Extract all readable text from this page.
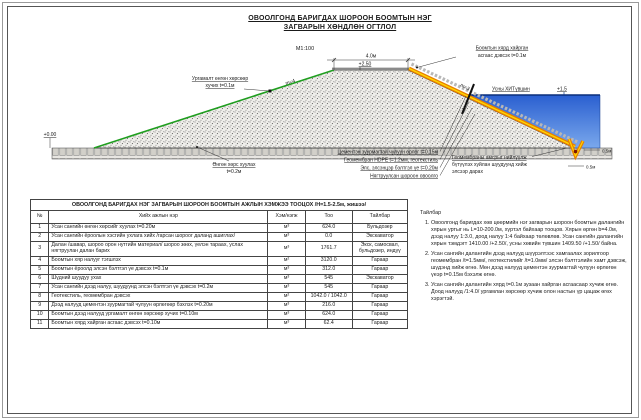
ОВООЛГОНД БАРИГДАХ ШОРООН БООМТЫН НЭГ
ЗАГВАРЫН ХӨНДЛӨН ОГТЛОЛ
М1:100
4.0м
+2.50
+0.00
Усны ХИТүвшин	+1.5
Ургамалт өнгөн хөрсөөр
хучих t=0.1м	m=4	m=3
Боомтын хярд хайрган
асгаас дэвсэх t=0.1м
Өнгөн хөрс хуулах
t=0.2м
Цементэн зуурмагтай чулуун өрлөг t=0.15м
Геомембран HDPE t=1.2мм, геотекстиль
Элс, элсэнцэр бэлтгэл үе t=0.20м
Нягтруулсан шороон овоолго
Геомембраны амсрыг нийлүүлж
бүтүүлэх хуйлан шуудуунд хийж
элсээр дарах
0.5м
0.5м
ОВООЛГОНД БАРИГДАХ НЭГ ЗАГВАРЫН ШОРООН БООМТЫН АЖЛЫН ХЭМЖЭЭ ТООЦОХ /Н=1.5-2.5м, жишээ/				
№	Хийх ажлын нэр	Хэм/нэгж	Тоо	Тайлбар
1	Усан сангийн өнгөн хөрсийг хуулах t=0.20м	м³	624.0	Бульдозер
2	Усан сангийн ёроолын хэсгийн ухлага хийх /гарсан шороог даланд ашиглах/	м³	0.0	Экскаватор
3	Далан /шавар, шороо орон нутгийн материал/ шороо зөөх, үелэн тараах, услах нягтруулан далан барих	м³	1761.7	Экск, самосвал, бульдозер, индүү
4	Боомтын хяр налууг тэгшлэх	м²	3120.0	Гараар
5	Боомтын ёроолд элсэн бэлтгэл үе дэвсэх t=0.1м	м³	312.0	Гараар
6	Шүдний шуудуу ухах	м³	545	Экскаватор
7	Усан сангийн дээд налуу, шуудуунд элсэн бэлтгэл үе дэвсэх t=0.2м	м³	545	Гараар
8	Геотекстиль, геомембран дэвсэх	м²	1042.0 / 1042.0	Гараар
9	Дээд налууд цементэн зуурмагтай чулуун өрлөгөөр бэхлэх t=0.20м	м³	216.0	Гараар
10	Боомтын дээд налууд ургамалт өнгөн хөрсөөр хучих t=0.10м	м³	624.0	Гараар
11	Боомтын хярд хайрган асгаас дэвсэх t=0.10м	м³	62.4	Гараар
Тайлбар
1. Овоолгонд баригдах хөв цөөрмийн нэг загварын шороон боомтын далангийн хярын уртыг нь L=10-200.0м, хүртэл байхаар тооцов. Хярын өргөн b=4.0м, дээд налуу 1:3.0, доод налуу 1:4 байхаар төлөвлөв. Усан сангийн далангийн хярын тэмдэгт 1410.00 /+2.50/, усны хөвийн түвшин 1409.50 /+1.50/ байна.
2. Усан сангийн далангийн дээд налууд шүүрэлтээс хамгаалах зорилгоор геомембран /t=1.5мм/, геотекстилийг /t=1.0мм/ элсэн бэлтгэлийн хамт дэвсэж, шүдэнд хийж өгнө. Мөн дээд налууд цементэн зуурмагтай чулуун өрлөгөн үеэр t=0.15м бэхэлж өгнө.
3. Усан сангийн далангийн хярд t=0.1м зузаан хайрган асгаасаар хучиж өгнө. Доод налууд /1:4.0/ ургамлан хөрсөөр хучиж олон настын үр цацаж өгөх хэрэгтэй.
